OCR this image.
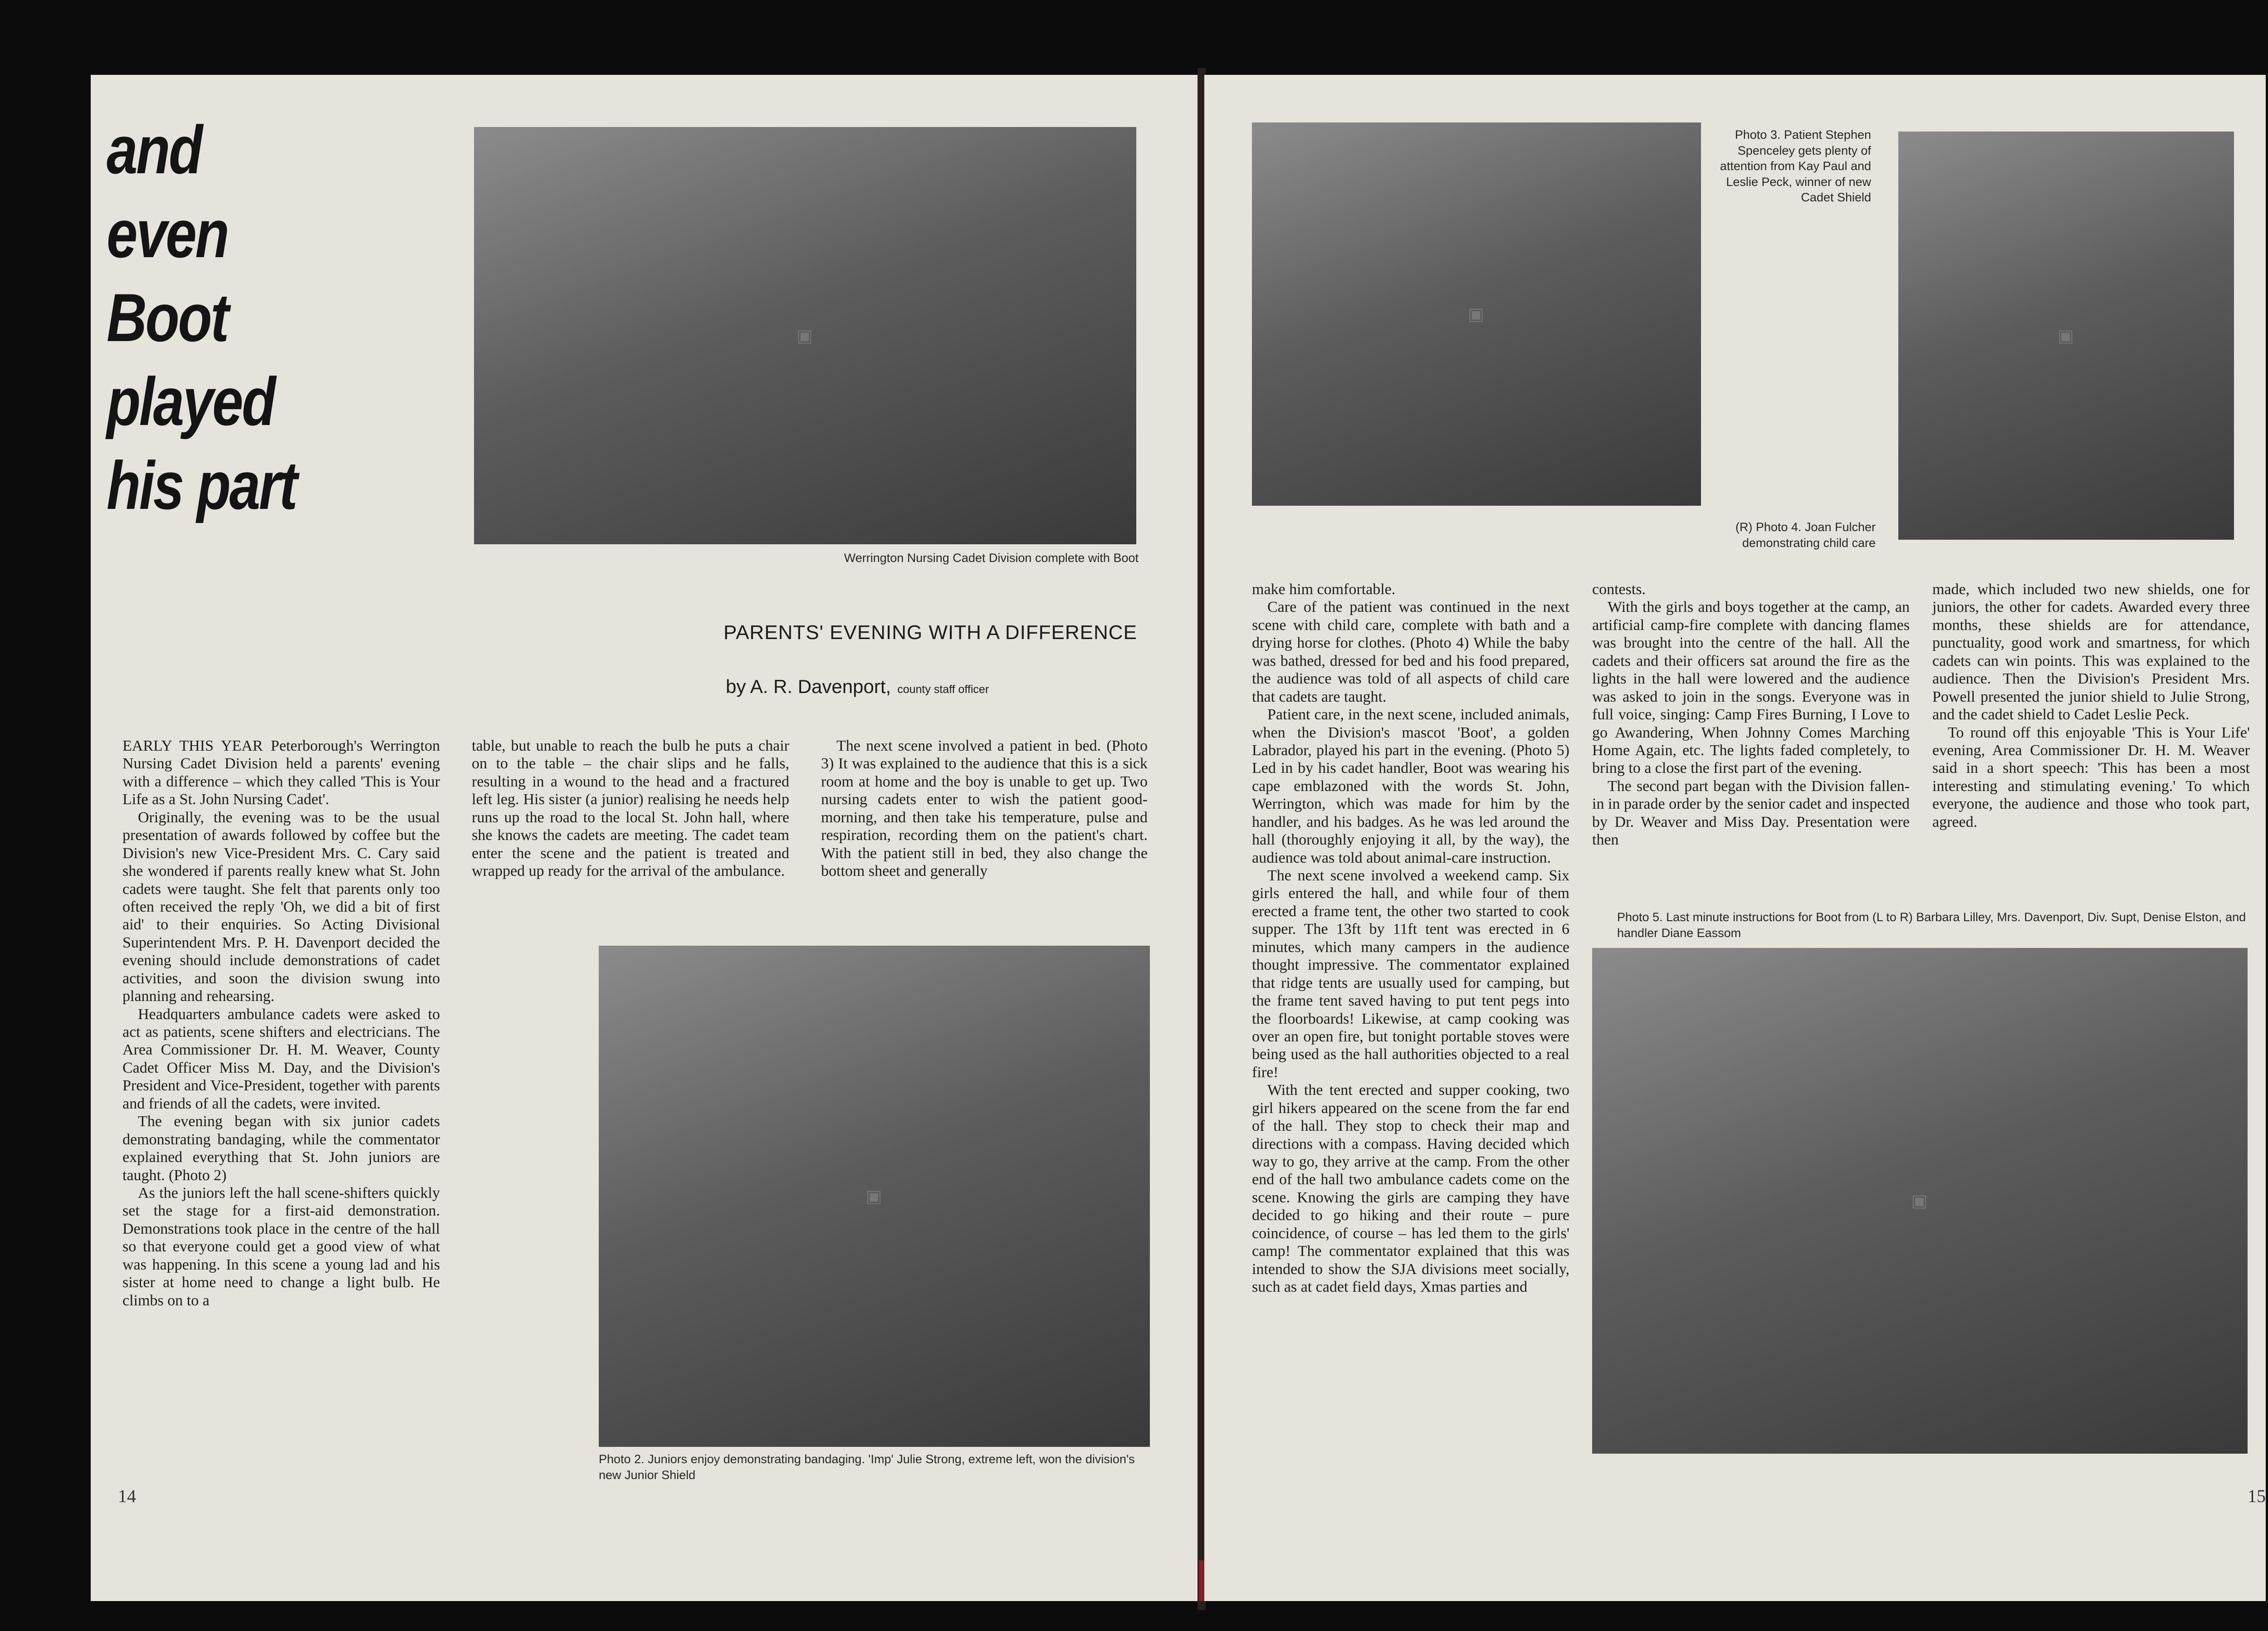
and
even
Boot
played
his part
▣
Werrington Nursing Cadet Division complete with Boot
PARENTS' EVENING WITH A DIFFERENCE
by A. R. Davenport, county staff officer

EARLY THIS YEAR Peterborough's Werrington Nursing Cadet Division held a parents' evening with a difference – which they called 'This is Your Life as a St. John Nursing Cadet'.

Originally, the evening was to be the usual presentation of awards followed by coffee but the Division's new Vice-President Mrs. C. Cary said she wondered if parents really knew what St. John cadets were taught. She felt that parents only too often received the reply 'Oh, we did a bit of first aid' to their enquiries. So Acting Divisional Superintendent Mrs. P. H. Davenport decided the evening should include demonstrations of cadet activities, and soon the division swung into planning and rehearsing.

Headquarters ambulance cadets were asked to act as patients, scene shifters and electricians. The Area Commissioner Dr. H. M. Weaver, County Cadet Officer Miss M. Day, and the Division's President and Vice-President, together with parents and friends of all the cadets, were invited.

The evening began with six junior cadets demonstrating bandaging, while the commentator explained everything that St. John juniors are taught. (Photo 2)

As the juniors left the hall scene-shifters quickly set the stage for a first-aid demonstration. Demonstrations took place in the centre of the hall so that everyone could get a good view of what was happening. In this scene a young lad and his sister at home need to change a light bulb. He climbs on to a

table, but unable to reach the bulb he puts a chair on to the table – the chair slips and he falls, resulting in a wound to the head and a fractured left leg. His sister (a junior) realising he needs help runs up the road to the local St. John hall, where she knows the cadets are meeting. The cadet team enter the scene and the patient is treated and wrapped up ready for the arrival of the ambulance.

The next scene involved a patient in bed. (Photo 3) It was explained to the audience that this is a sick room at home and the boy is unable to get up. Two nursing cadets enter to wish the patient good-morning, and then take his temperature, pulse and respiration, recording them on the patient's chart. With the patient still in bed, they also change the bottom sheet and generally

▣
Photo 2. Juniors enjoy demonstrating bandaging. 'Imp' Julie Strong, extreme left, won the division's new Junior Shield
14
▣
Photo 3. Patient Stephen Spenceley gets plenty of attention from Kay Paul and Leslie Peck, winner of new Cadet Shield
(R) Photo 4. Joan Fulcher demonstrating child care
▣

make him comfortable.

Care of the patient was continued in the next scene with child care, complete with bath and a drying horse for clothes. (Photo 4) While the baby was bathed, dressed for bed and his food prepared, the audience was told of all aspects of child care that cadets are taught.

Patient care, in the next scene, included animals, when the Division's mascot 'Boot', a golden Labrador, played his part in the evening. (Photo 5) Led in by his cadet handler, Boot was wearing his cape emblazoned with the words St. John, Werrington, which was made for him by the handler, and his badges. As he was led around the hall (thoroughly enjoying it all, by the way), the audience was told about animal-care instruction.

The next scene involved a weekend camp. Six girls entered the hall, and while four of them erected a frame tent, the other two started to cook supper. The 13ft by 11ft tent was erected in 6 minutes, which many campers in the audience thought impressive. The commentator explained that ridge tents are usually used for camping, but the frame tent saved having to put tent pegs into the floorboards! Likewise, at camp cooking was over an open fire, but tonight portable stoves were being used as the hall authorities objected to a real fire!

With the tent erected and supper cooking, two girl hikers appeared on the scene from the far end of the hall. They stop to check their map and directions with a compass. Having decided which way to go, they arrive at the camp. From the other end of the hall two ambulance cadets come on the scene. Knowing the girls are camping they have decided to go hiking and their route – pure coincidence, of course – has led them to the girls' camp! The commentator explained that this was intended to show the SJA divisions meet socially, such as at cadet field days, Xmas parties and

contests.

With the girls and boys together at the camp, an artificial camp-fire complete with dancing flames was brought into the centre of the hall. All the cadets and their officers sat around the fire as the lights in the hall were lowered and the audience was asked to join in the songs. Everyone was in full voice, singing: Camp Fires Burning, I Love to go Awandering, When Johnny Comes Marching Home Again, etc. The lights faded completely, to bring to a close the first part of the evening.

The second part began with the Division fallen-in in parade order by the senior cadet and inspected by Dr. Weaver and Miss Day. Presentation were then

made, which included two new shields, one for juniors, the other for cadets. Awarded every three months, these shields are for attendance, punctuality, good work and smartness, for which cadets can win points. This was explained to the audience. Then the Division's President Mrs. Powell presented the junior shield to Julie Strong, and the cadet shield to Cadet Leslie Peck.

To round off this enjoyable 'This is Your Life' evening, Area Commissioner Dr. H. M. Weaver said in a short speech: 'This has been a most interesting and stimulating evening.' To which everyone, the audience and those who took part, agreed.

Photo 5. Last minute instructions for Boot from (L to R) Barbara Lilley, Mrs. Davenport, Div. Supt, Denise Elston, and handler Diane Eassom
▣
15
